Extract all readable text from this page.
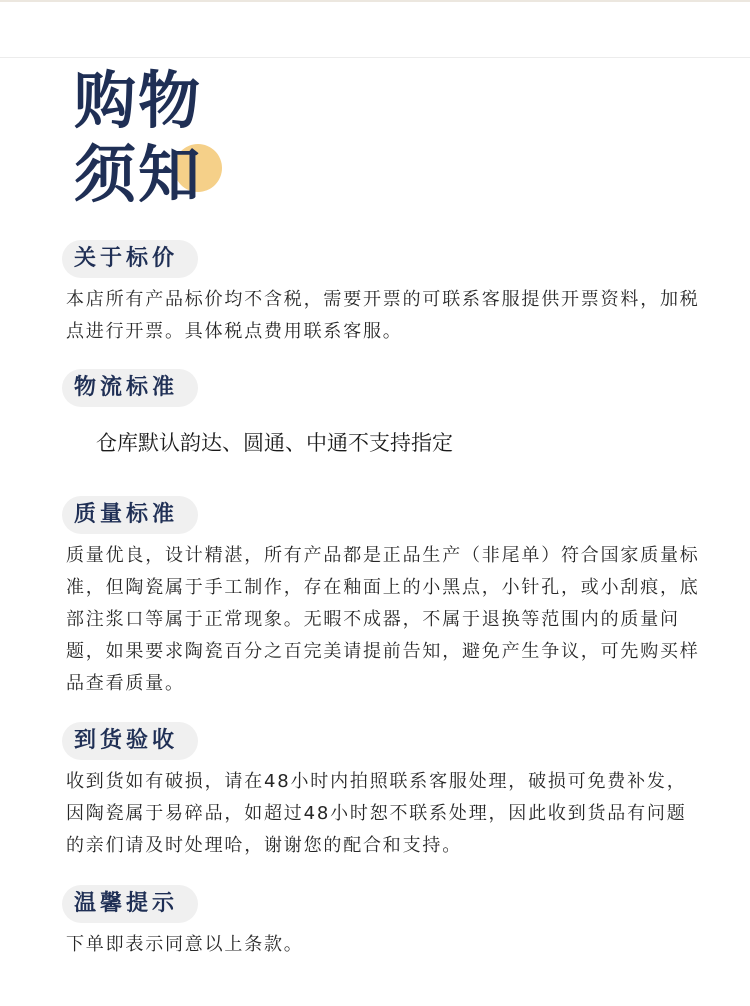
购物
须知
关于标价
本店所有产品标价均不含税，需要开票的可联系客服提供开票资料，加税点进行开票。具体税点费用联系客服。
物流标准
仓库默认韵达、圆通、中通不支持指定
质量标准
质量优良，设计精湛，所有产品都是正品生产（非尾单）符合国家质量标准，但陶瓷属于手工制作，存在釉面上的小黑点，小针孔，或小刮痕，底部注浆口等属于正常现象。无暇不成器，不属于退换等范围内的质量问题，如果要求陶瓷百分之百完美请提前告知，避免产生争议，可先购买样品查看质量。
到货验收
收到货如有破损，请在48小时内拍照联系客服处理，破损可免费补发，因陶瓷属于易碎品，如超过48小时恕不联系处理，因此收到货品有问题的亲们请及时处理哈，谢谢您的配合和支持。
温馨提示
下单即表示同意以上条款。
